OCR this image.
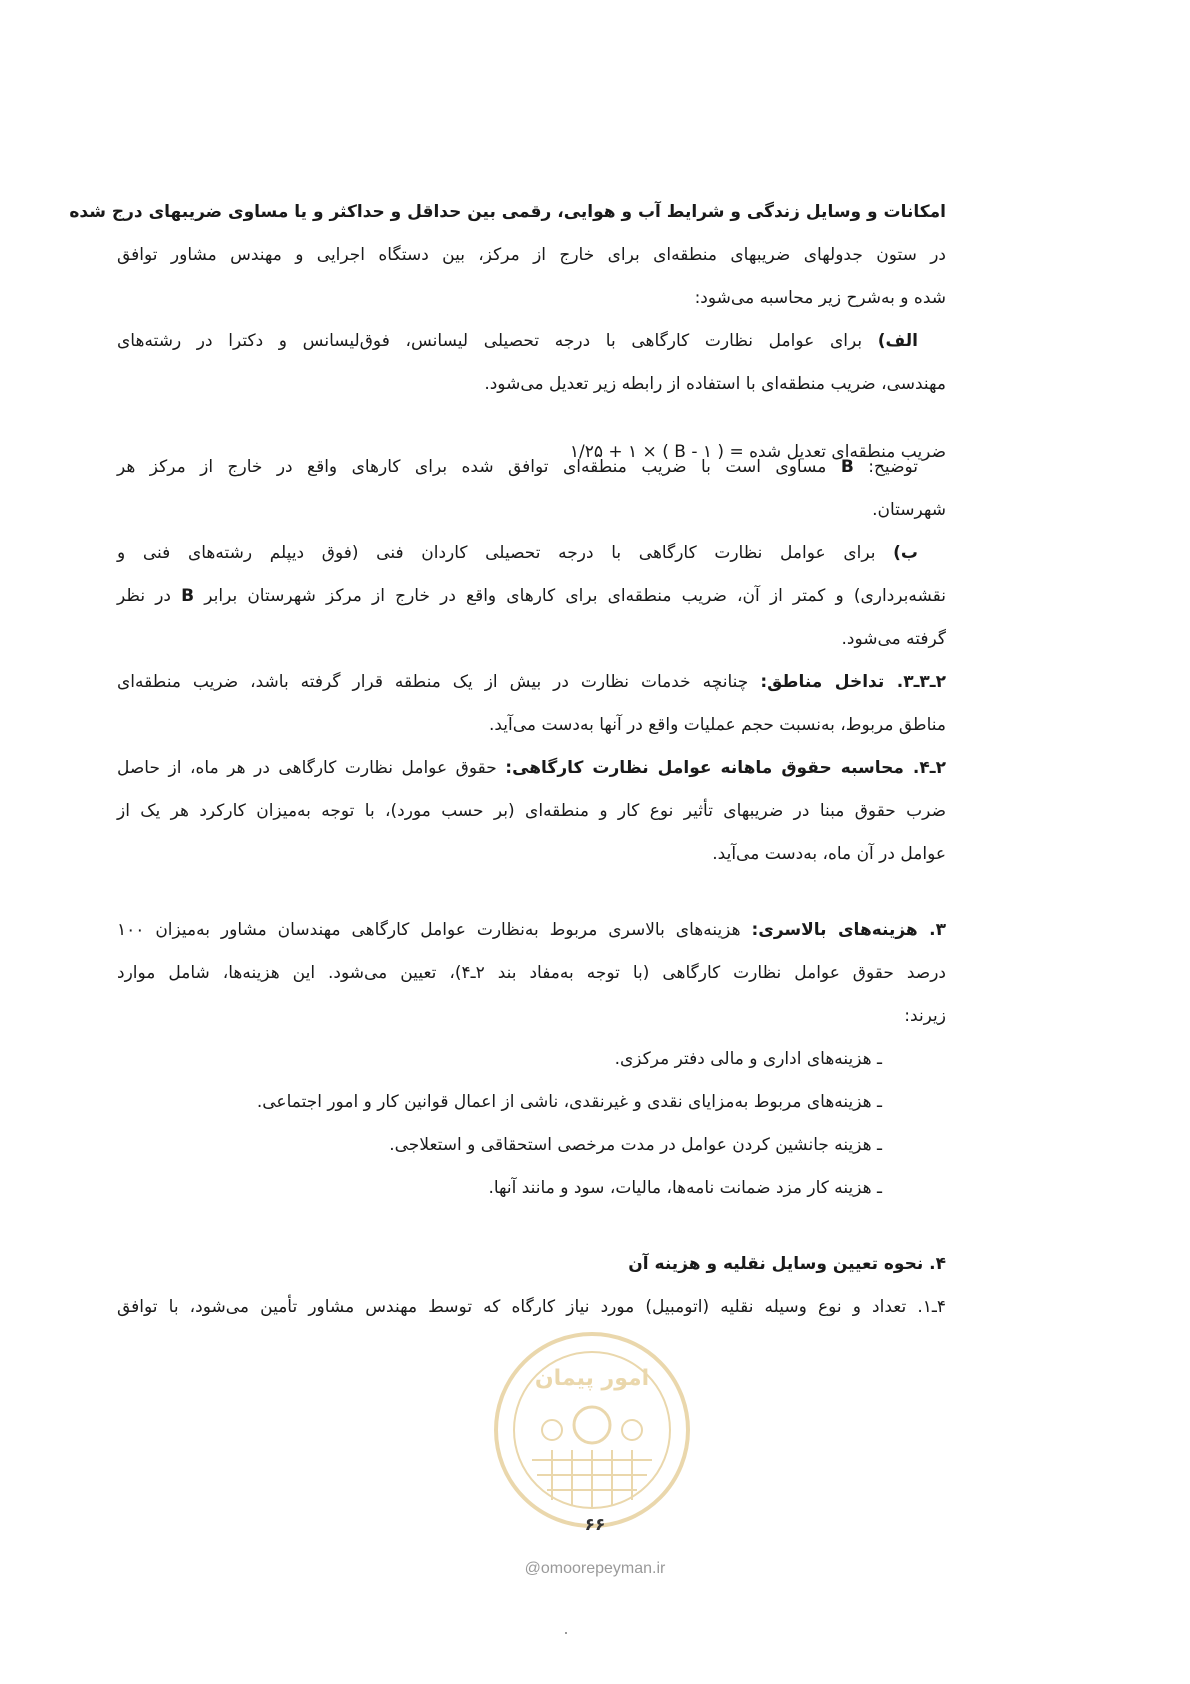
امکانات و وسایل زندگی و شرایط آب و هوایی، رقمی بین حداقل و حداکثر و یا مساوی ضریبهای درج شده
در ستون جدولهای ضریبهای منطقه‌ای برای خارج از مرکز، بین دستگاه اجرایی و مهندس مشاور توافق
شده و به‌شرح زیر محاسبه می‌شود:
الف) برای عوامل نظارت کارگاهی با درجه تحصیلی لیسانس، فوق‌لیسانس و دکترا در رشته‌های
مهندسی، ضریب منطقه‌ای با استفاده از رابطه زیر تعدیل می‌شود.
ضریب منطقه‌ای تعدیل شده = ( B - ۱ ) × ۱/۲۵ + ۱
توضیح: B مساوی است با ضریب منطقه‌ای توافق شده برای کارهای واقع در خارج از مرکز هر
شهرستان.
ب) برای عوامل نظارت کارگاهی با درجه تحصیلی کاردان فنی (فوق دیپلم رشته‌های فنی و
نقشه‌برداری) و کمتر از آن، ضریب منطقه‌ای برای کارهای واقع در خارج از مرکز شهرستان برابر B در نظر
گرفته می‌شود.
۲ـ۳ـ۳. تداخل مناطق: چنانچه خدمات نظارت در بیش از یک منطقه قرار گرفته باشد، ضریب منطقه‌ای
مناطق مربوط، به‌نسبت حجم عملیات واقع در آنها به‌دست می‌آید.
۲ـ۴. محاسبه حقوق ماهانه عوامل نظارت کارگاهی: حقوق عوامل نظارت کارگاهی در هر ماه، از حاصل
ضرب حقوق مبنا در ضریبهای تأثیر نوع کار و منطقه‌ای (بر حسب مورد)، با توجه به‌میزان کارکرد هر یک از
عوامل در آن ماه، به‌دست می‌آید.
۳. هزینه‌های بالاسری: هزینه‌های بالاسری مربوط به‌نظارت عوامل کارگاهی مهندسان مشاور به‌میزان ۱۰۰
درصد حقوق عوامل نظارت کارگاهی (با توجه به‌مفاد بند ۲ـ۴)، تعیین می‌شود. این هزینه‌ها، شامل موارد
زیرند:
ـ هزینه‌های اداری و مالی دفتر مرکزی.
ـ هزینه‌های مربوط به‌مزایای نقدی و غیرنقدی، ناشی از اعمال قوانین کار و امور اجتماعی.
ـ هزینه جانشین کردن عوامل در مدت مرخصی استحقاقی و استعلاجی.
ـ هزینه کار مزد ضمانت نامه‌ها، مالیات، سود و مانند آنها.
۴. نحوه تعیین وسایل نقلیه و هزینه آن
۴ـ۱. تعداد و نوع وسیله نقلیه (اتومبیل) مورد نیاز کارگاه که توسط مهندس مشاور تأمین می‌شود، با توافق
امور پیمان
۶۶
@omoorepeyman.ir
